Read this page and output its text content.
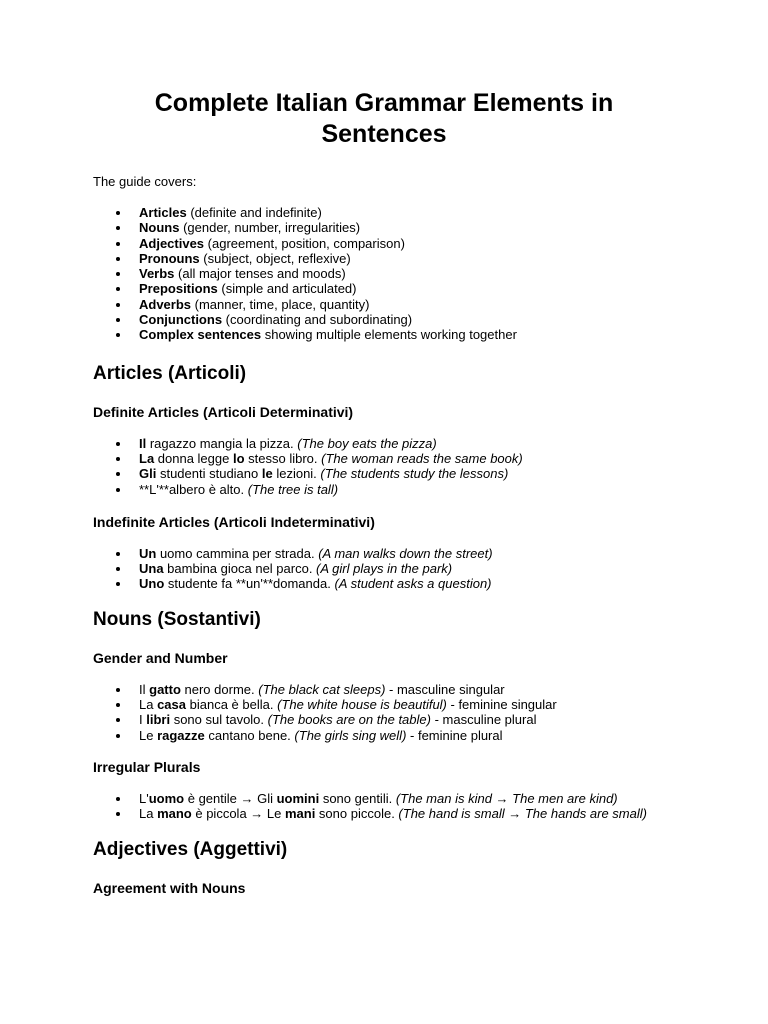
Complete Italian Grammar Elements in Sentences

The guide covers:

Articles (definite and indefinite)
Nouns (gender, number, irregularities)
Adjectives (agreement, position, comparison)
Pronouns (subject, object, reflexive)
Verbs (all major tenses and moods)
Prepositions (simple and articulated)
Adverbs (manner, time, place, quantity)
Conjunctions (coordinating and subordinating)
Complex sentences showing multiple elements working together
Articles (Articoli)
Definite Articles (Articoli Determinativi)
Il ragazzo mangia la pizza. (The boy eats the pizza)
La donna legge lo stesso libro. (The woman reads the same book)
Gli studenti studiano le lezioni. (The students study the lessons)
**L'**albero è alto. (The tree is tall)
Indefinite Articles (Articoli Indeterminativi)
Un uomo cammina per strada. (A man walks down the street)
Una bambina gioca nel parco. (A girl plays in the park)
Uno studente fa **un'**domanda. (A student asks a question)
Nouns (Sostantivi)
Gender and Number
Il gatto nero dorme. (The black cat sleeps) - masculine singular
La casa bianca è bella. (The white house is beautiful) - feminine singular
I libri sono sul tavolo. (The books are on the table) - masculine plural
Le ragazze cantano bene. (The girls sing well) - feminine plural
Irregular Plurals
L'uomo è gentile → Gli uomini sono gentili. (The man is kind → The men are kind)
La mano è piccola → Le mani sono piccole. (The hand is small → The hands are small)
Adjectives (Aggettivi)
Agreement with Nouns
